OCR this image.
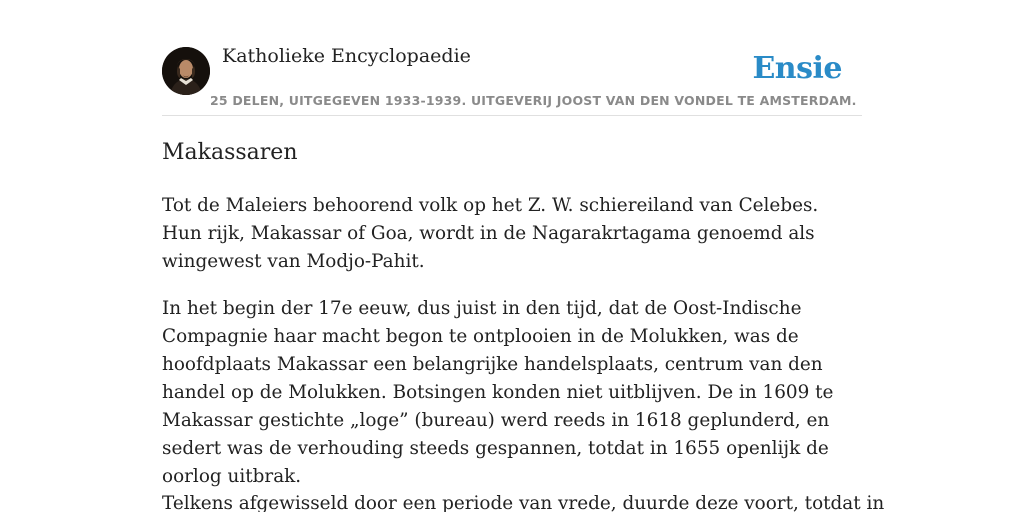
Katholieke Encyclopaedie	Ensie
25 DELEN, UITGEGEVEN 1933-1939. UITGEVERIJ JOOST VAN DEN VONDEL TE AMSTERDAM.
Makassaren

Tot de Maleiers behoorend volk op het Z. W. schiereiland van Celebes. Hun rijk, Makassar of Goa, wordt in de Nagarakrtagama genoemd als wingewest van Modjo-Pahit.

In het begin der 17e eeuw, dus juist in den tijd, dat de Oost-Indische Compagnie haar macht begon te ontplooien in de Molukken, was de hoofdplaats Makassar een belangrijke handelsplaats, centrum van den handel op de Molukken. Botsingen konden niet uitblijven. De in 1609 te Makassar gestichte „loge” (bureau) werd reeds in 1618 geplunderd, en sedert was de verhouding steeds gespannen, totdat in 1655 openlijk de oorlog uitbrak.

Telkens afgewisseld door een periode van vrede, duurde deze voort, totdat in
